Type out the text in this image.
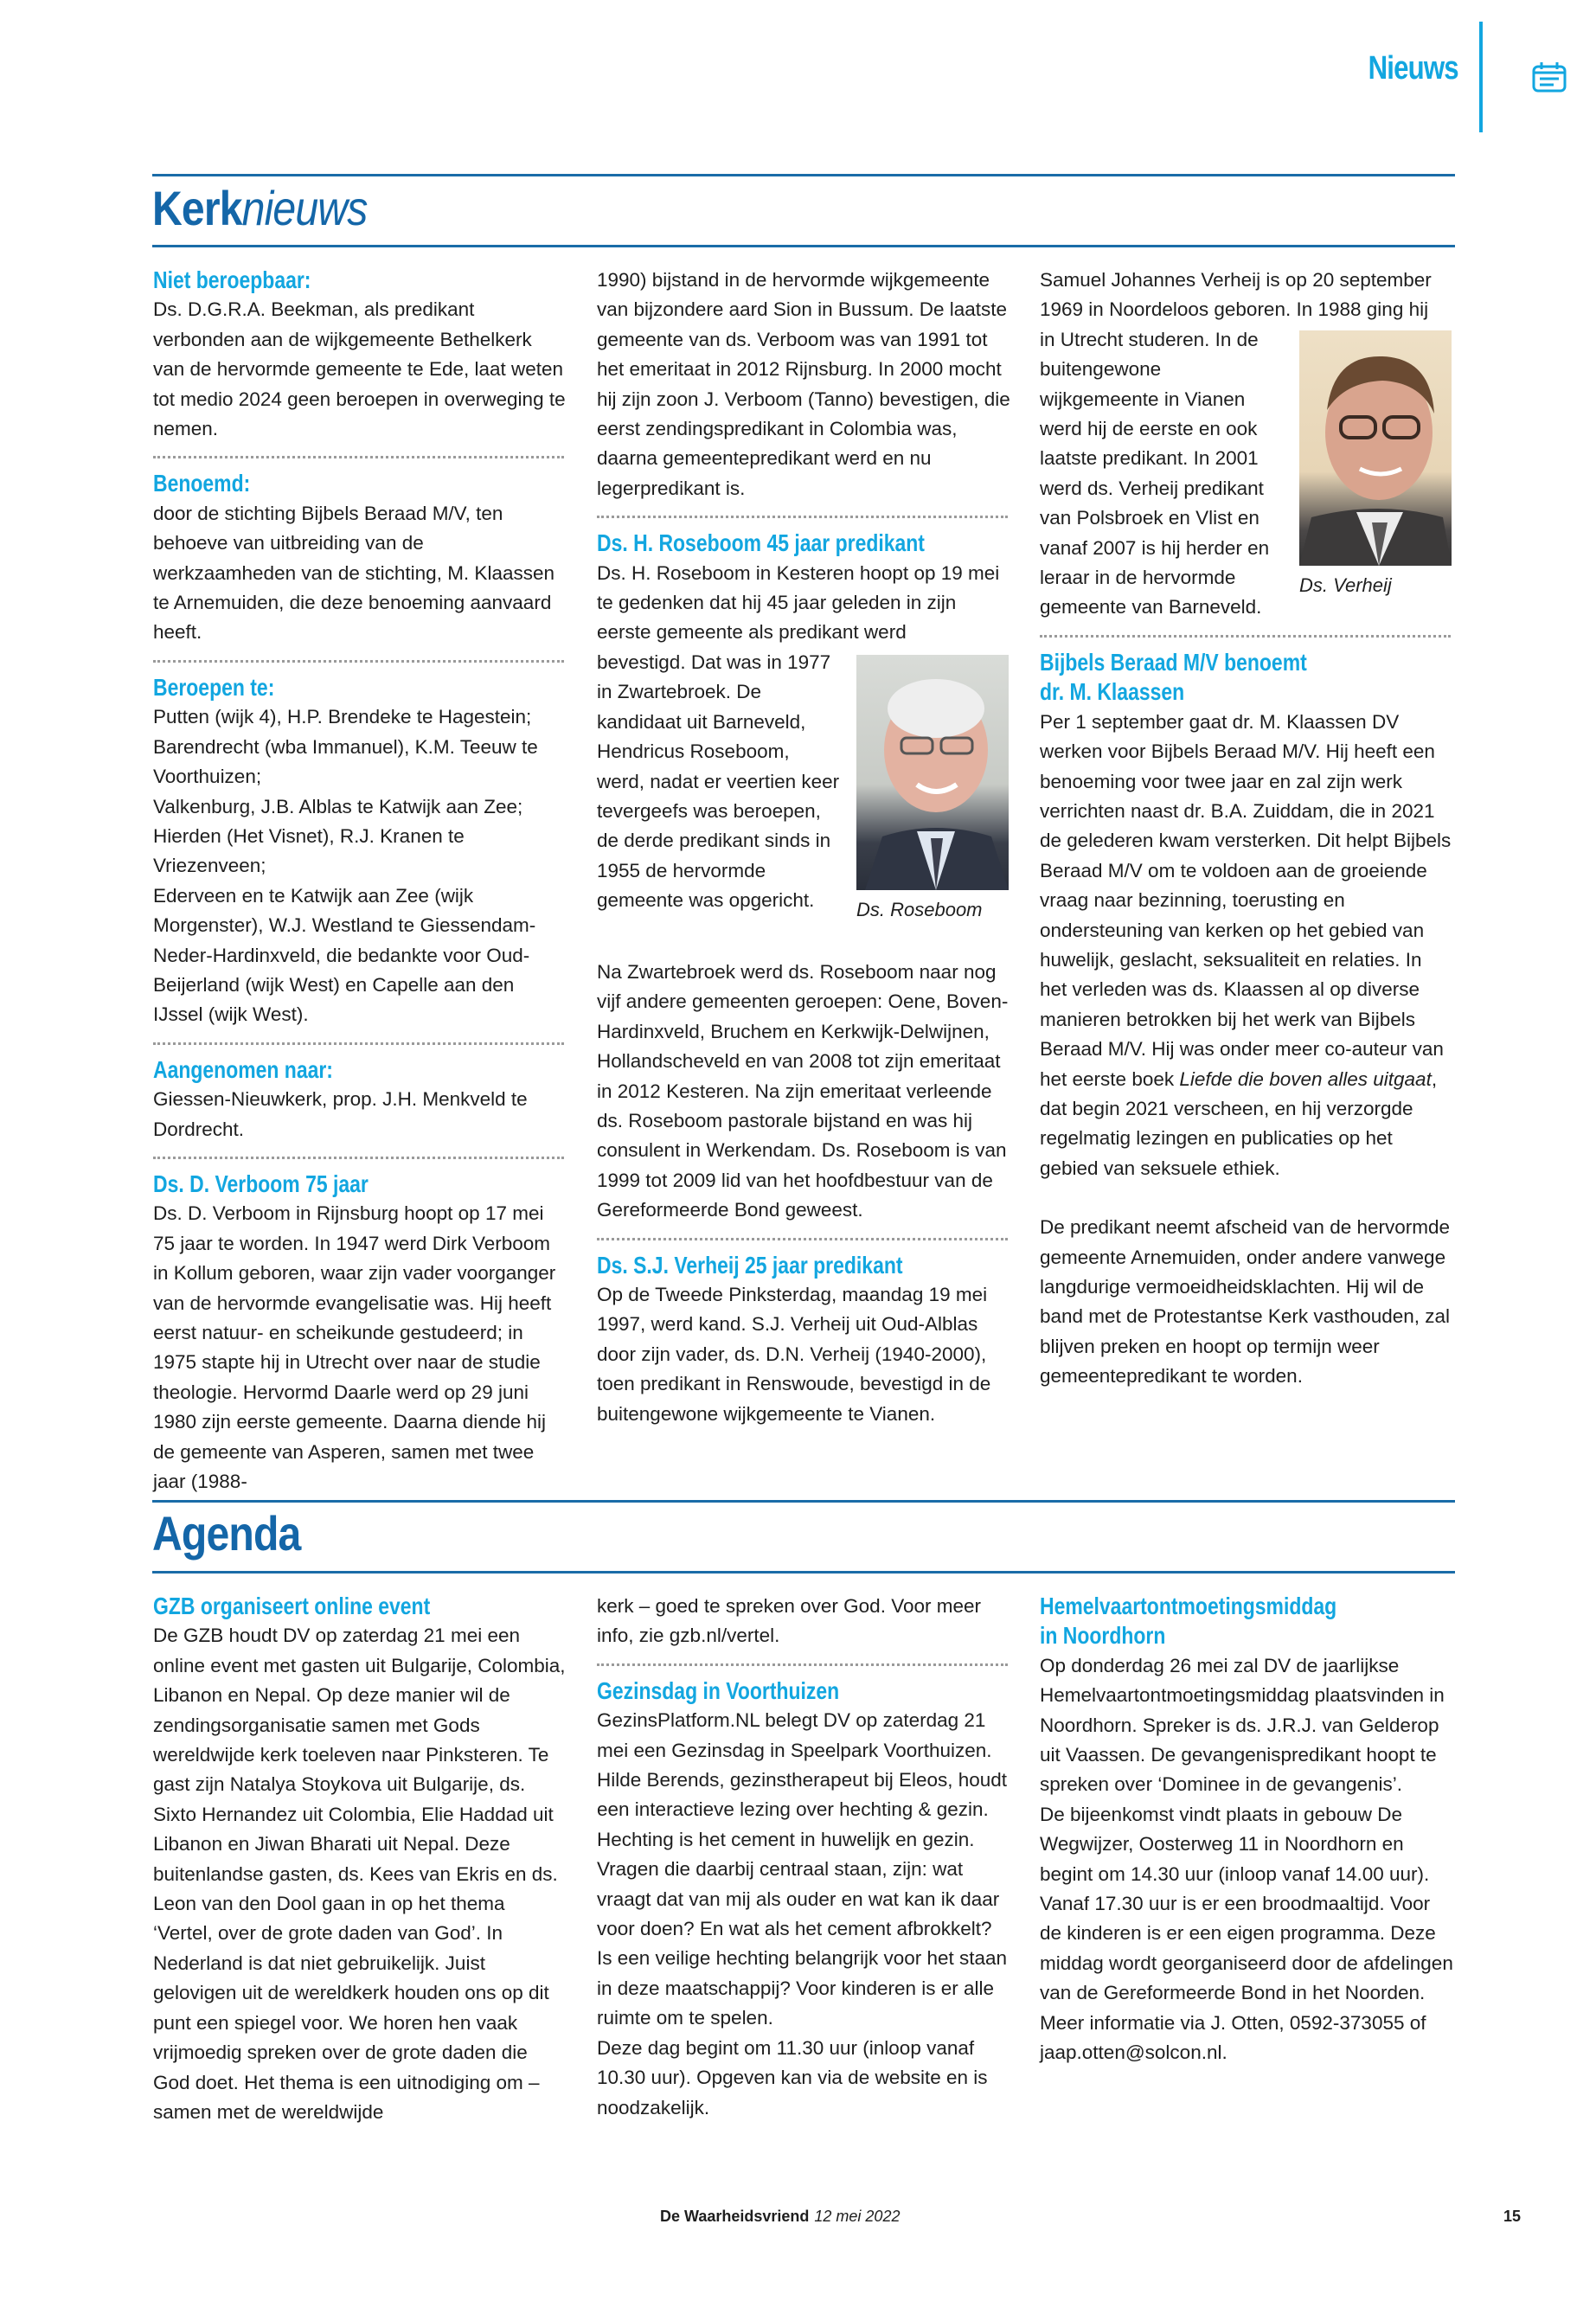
Nieuws
Kerknieuws
Niet beroepbaar:

Ds. D.G.R.A. Beekman, als predikant verbonden aan de wijkgemeente Bethelkerk van de hervormde gemeente te Ede, laat weten tot medio 2024 geen beroepen in overweging te nemen.

Benoemd:

door de stichting Bijbels Beraad M/V, ten behoeve van uitbreiding van de werkzaamheden van de stichting, M. Klaassen te Arnemuiden, die deze benoeming aanvaard heeft.

Beroepen te:

Putten (wijk 4), H.P. Brendeke te Hagestein;

Barendrecht (wba Immanuel), K.M. Teeuw te Voorthuizen;

Valkenburg, J.B. Alblas te Katwijk aan Zee;

Hierden (Het Visnet), R.J. Kranen te Vriezenveen;

Ederveen en te Katwijk aan Zee (wijk Morgenster), W.J. Westland te Giessendam-Neder-Hardinxveld, die bedankte voor Oud-Beijerland (wijk West) en Capelle aan den IJssel (wijk West).

Aangenomen naar:

Giessen-Nieuwkerk, prop. J.H. Menkveld te Dordrecht.

Ds. D. Verboom 75 jaar

Ds. D. Verboom in Rijnsburg hoopt op 17 mei 75 jaar te worden. In 1947 werd Dirk Verboom in Kollum geboren, waar zijn vader voorganger van de hervormde evangelisatie was. Hij heeft eerst natuur- en scheikunde gestudeerd; in 1975 stapte hij in Utrecht over naar de studie theologie. Hervormd Daarle werd op 29 juni 1980 zijn eerste gemeente. Daarna diende hij de gemeente van Asperen, samen met twee jaar (1988-

1990) bijstand in de hervormde wijkgemeente van bijzondere aard Sion in Bussum. De laatste gemeente van ds. Verboom was van 1991 tot het emeritaat in 2012 Rijnsburg. In 2000 mocht hij zijn zoon J. Verboom (Tanno) bevestigen, die eerst zendingspredikant in Colombia was, daarna gemeentepredikant werd en nu legerpredikant is.

Ds. H. Roseboom 45 jaar predikant

Ds. H. Roseboom in Kesteren hoopt op 19 mei te gedenken dat hij 45 jaar geleden in zijn eerste gemeente als predikant werd

Ds. Roseboom

bevestigd. Dat was in 1977 in Zwartebroek. De kandidaat uit Barneveld, Hendricus Roseboom, werd, nadat er veertien keer tevergeefs was beroepen, de derde predikant sinds in 1955 de hervormde gemeente was opgericht.

Na Zwartebroek werd ds. Roseboom naar nog vijf andere gemeenten geroepen: Oene, Boven-Hardinxveld, Bruchem en Kerkwijk-Delwijnen, Hollandscheveld en van 2008 tot zijn emeritaat in 2012 Kesteren. Na zijn emeritaat verleende ds. Roseboom pastorale bijstand en was hij consulent in Werkendam. Ds. Roseboom is van 1999 tot 2009 lid van het hoofdbestuur van de Gereformeerde Bond geweest.

Ds. S.J. Verheij 25 jaar predikant

Op de Tweede Pinksterdag, maandag 19 mei 1997, werd kand. S.J. Verheij uit Oud-Alblas door zijn vader, ds. D.N. Verheij (1940-2000), toen predikant in Renswoude, bevestigd in de buitengewone wijkgemeente te Vianen.

Samuel Johannes Verheij is op 20 september 1969 in Noordeloos geboren. In 1988 ging hij

Ds. Verheij

in Utrecht studeren. In de buitengewone wijkgemeente in Vianen werd hij de eerste en ook laatste predikant. In 2001 werd ds. Verheij predikant van Polsbroek en Vlist en vanaf 2007 is hij herder en leraar in de hervormde gemeente van Barneveld.

Bijbels Beraad M/V benoemt
dr. M. Klaassen

Per 1 september gaat dr. M. Klaassen DV werken voor Bijbels Beraad M/V. Hij heeft een benoeming voor twee jaar en zal zijn werk verrichten naast dr. B.A. Zuiddam, die in 2021 de gelederen kwam versterken. Dit helpt Bijbels Beraad M/V om te voldoen aan de groeiende vraag naar bezinning, toerusting en ondersteuning van kerken op het gebied van huwelijk, geslacht, seksualiteit en relaties. In het verleden was ds. Klaassen al op diverse manieren betrokken bij het werk van Bijbels Beraad M/V. Hij was onder meer co-auteur van het eerste boek Liefde die boven alles uitgaat, dat begin 2021 verscheen, en hij verzorgde regelmatig lezingen en publicaties op het gebied van seksuele ethiek.

De predikant neemt afscheid van de hervormde gemeente Arnemuiden, onder andere vanwege langdurige vermoeidheidsklachten. Hij wil de band met de Protestantse Kerk vasthouden, zal blijven preken en hoopt op termijn weer gemeentepredikant te worden.

Agenda
GZB organiseert online event

De GZB houdt DV op zaterdag 21 mei een online event met gasten uit Bulgarije, Colombia, Libanon en Nepal. Op deze manier wil de zendingsorganisatie samen met Gods wereldwijde kerk toeleven naar Pinksteren. Te gast zijn Natalya Stoykova uit Bulgarije, ds. Sixto Hernandez uit Colombia, Elie Haddad uit Libanon en Jiwan Bharati uit Nepal. Deze buitenlandse gasten, ds. Kees van Ekris en ds. Leon van den Dool gaan in op het thema ‘Vertel, over de grote daden van God’. In Nederland is dat niet gebruikelijk. Juist gelovigen uit de wereldkerk houden ons op dit punt een spiegel voor. We horen hen vaak vrijmoedig spreken over de grote daden die God doet. Het thema is een uitnodiging om – samen met de wereldwijde

kerk – goed te spreken over God. Voor meer info, zie gzb.nl/vertel.

Gezinsdag in Voorthuizen

GezinsPlatform.NL belegt DV op zaterdag 21 mei een Gezinsdag in Speelpark Voorthuizen. Hilde Berends, gezinstherapeut bij Eleos, houdt een interactieve lezing over hechting & gezin. Hechting is het cement in huwelijk en gezin. Vragen die daarbij centraal staan, zijn: wat vraagt dat van mij als ouder en wat kan ik daar voor doen? En wat als het cement afbrokkelt? Is een veilige hechting belangrijk voor het staan in deze maatschappij? Voor kinderen is er alle ruimte om te spelen.

Deze dag begint om 11.30 uur (inloop vanaf 10.30 uur). Opgeven kan via de website en is noodzakelijk.

Hemelvaartontmoetingsmiddag
in Noordhorn

Op donderdag 26 mei zal DV de jaarlijkse Hemelvaartontmoetingsmiddag plaatsvinden in Noordhorn. Spreker is ds. J.R.J. van Gelderop uit Vaassen. De gevangenispredikant hoopt te spreken over ‘Dominee in de gevangenis’.

De bijeenkomst vindt plaats in gebouw De Wegwijzer, Oosterweg 11 in Noordhorn en begint om 14.30 uur (inloop vanaf 14.00 uur). Vanaf 17.30 uur is er een broodmaaltijd. Voor de kinderen is er een eigen programma. Deze middag wordt georganiseerd door de afdelingen van de Gereformeerde Bond in het Noorden.

Meer informatie via J. Otten, 0592-373055 of jaap.otten@solcon.nl.

De Waarheidsvriend 12 mei 2022	15
